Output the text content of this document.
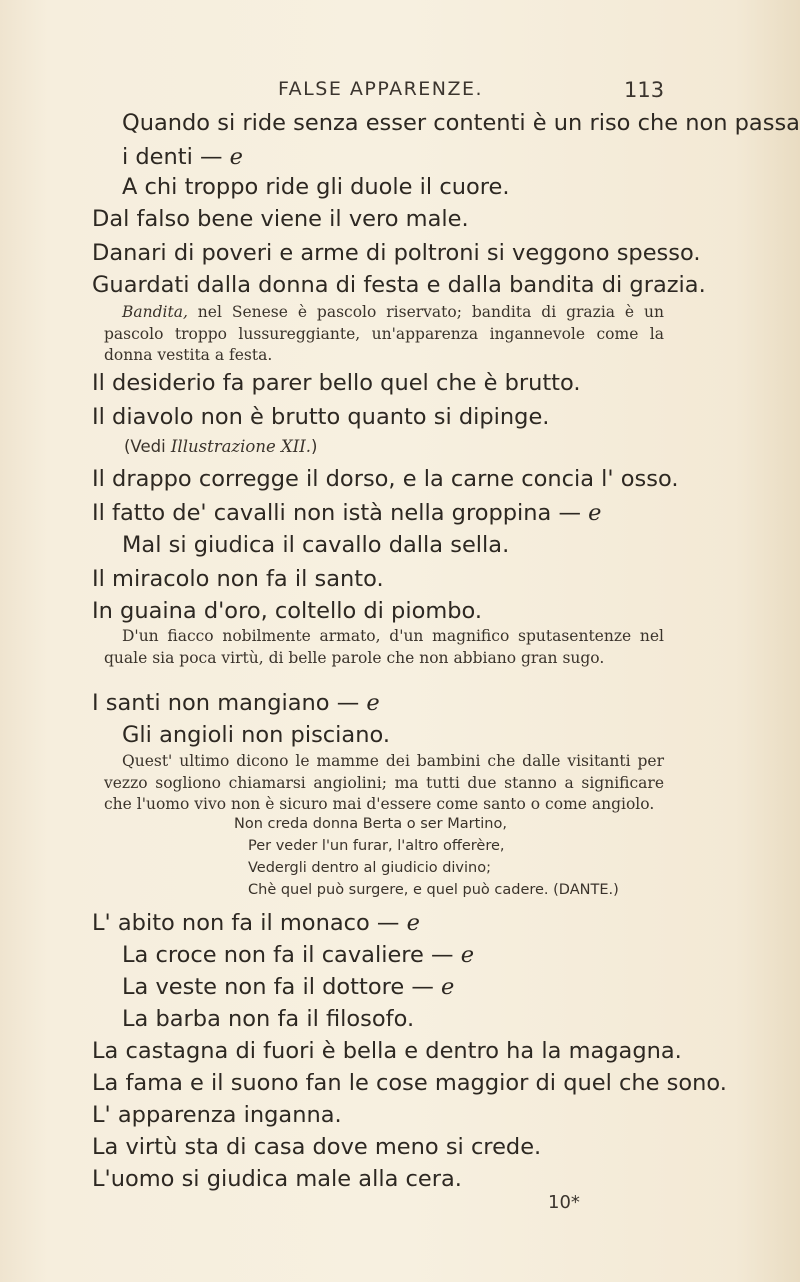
FALSE APPARENZE.	113
Quando si ride senza esser contenti è un riso che non passa
i denti — e
A chi troppo ride gli duole il cuore.
Dal falso bene viene il vero male.
Danari di poveri e arme di poltroni si veggono spesso.
Guardati dalla donna di festa e dalla bandita di grazia.
Bandita, nel Senese è pascolo riservato; bandita di grazia è un pascolo troppo lussureggiante, un'apparenza ingannevole come la donna vestita a festa.
Il desiderio fa parer bello quel che è brutto.
Il diavolo non è brutto quanto si dipinge.
(Vedi Illustrazione XII.)
Il drappo corregge il dorso, e la carne concia l' osso.
Il fatto de' cavalli non istà nella groppina — e
Mal si giudica il cavallo dalla sella.
Il miracolo non fa il santo.
In guaina d'oro, coltello di piombo.
D'un fiacco nobilmente armato, d'un magnifico sputasentenze nel quale sia poca virtù, di belle parole che non abbiano gran sugo.
I santi non mangiano — e
Gli angioli non pisciano.
Quest' ultimo dicono le mamme dei bambini che dalle visitanti per vezzo sogliono chiamarsi angiolini; ma tutti due stanno a significare che l'uomo vivo non è sicuro mai d'essere come santo o come angiolo.
Non creda donna Berta o ser Martino,
Per veder l'un furar, l'altro offerère,
Vedergli dentro al giudicio divino;
Chè quel può surgere, e quel può cadere. (DANTE.)
L' abito non fa il monaco — e
La croce non fa il cavaliere — e
La veste non fa il dottore — e
La barba non fa il filosofo.
La castagna di fuori è bella e dentro ha la magagna.
La fama e il suono fan le cose maggior di quel che sono.
L' apparenza inganna.
La virtù sta di casa dove meno si crede.
L'uomo si giudica male alla cera.
10*
